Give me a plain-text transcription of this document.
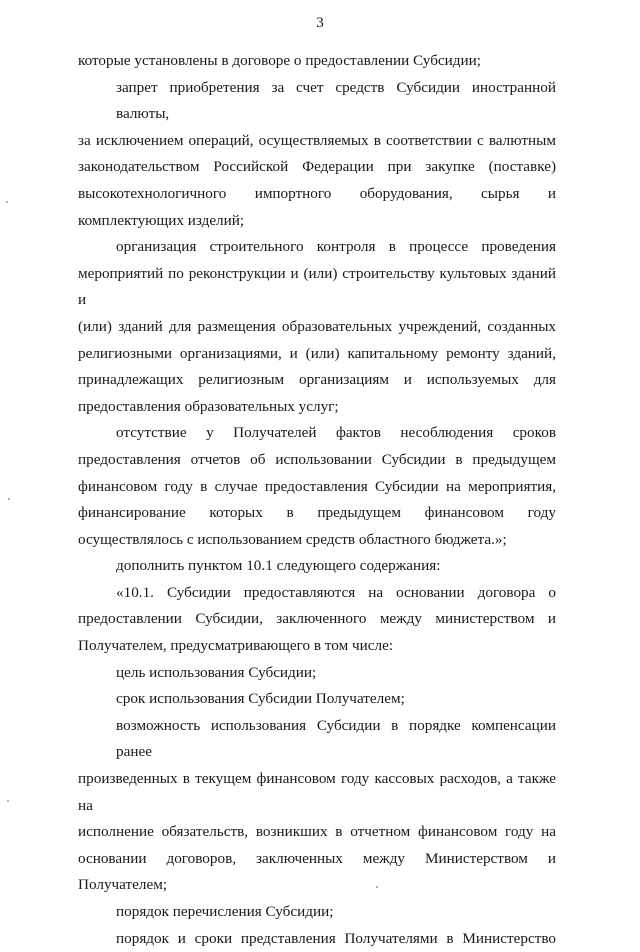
3
которые установлены в договоре о предоставлении Субсидии;
запрет приобретения за счет средств Субсидии иностранной валюты,
за исключением операций, осуществляемых в соответствии с валютным
законодательством Российской Федерации при закупке (поставке)
высокотехнологичного импортного оборудования, сырья и
комплектующих изделий;
организация строительного контроля в процессе проведения
мероприятий по реконструкции и (или) строительству культовых зданий и
(или) зданий для размещения образовательных учреждений, созданных
религиозными организациями, и (или) капитальному ремонту зданий,
принадлежащих религиозным организациям и используемых для
предоставления образовательных услуг;
отсутствие у Получателей фактов несоблюдения сроков
предоставления отчетов об использовании Субсидии в предыдущем
финансовом году в случае предоставления Субсидии на мероприятия,
финансирование которых в предыдущем финансовом году
осуществлялось с использованием средств областного бюджета.»;
дополнить пунктом 10.1 следующего содержания:
«10.1. Субсидии предоставляются на основании договора о
предоставлении Субсидии, заключенного между министерством и
Получателем, предусматривающего в том числе:
цель использования Субсидии;
срок использования Субсидии Получателем;
возможность использования Субсидии в порядке компенсации ранее
произведенных в текущем финансовом году кассовых расходов, а также на
исполнение обязательств, возникших в отчетном финансовом году на
основании договоров, заключенных между Министерством и
Получателем;
порядок перечисления Субсидии;
порядок и сроки представления Получателями в Министерство
